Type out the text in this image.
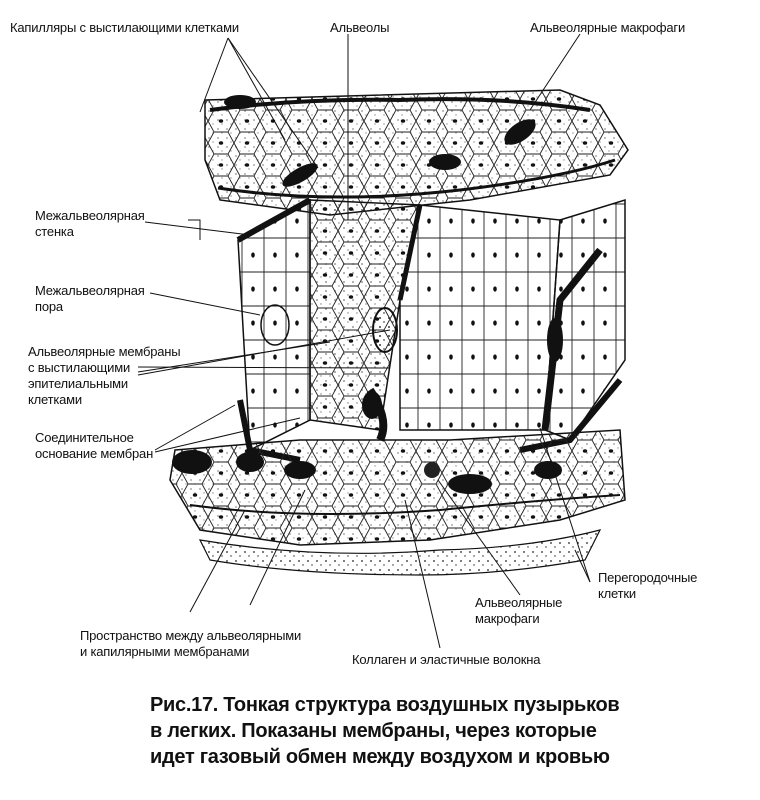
Капилляры с выстилающими клетками	Альвеолы	Альвеолярные макрофаги
Межальвеолярная
стенка
Межальвеолярная
пора
Альвеолярные мембраны
с выстилающими
эпителиальными
клетками
Соединительное
основание мембран
Перегородочные
клетки
Альвеолярные
макрофаги
Пространство между альвеолярными
и капилярными мембранами
Коллаген и эластичные волокна
Рис.17. Тонкая структура воздушных пузырьков
в легких. Показаны мембраны, через которые
идет газовый обмен между воздухом и кровью
